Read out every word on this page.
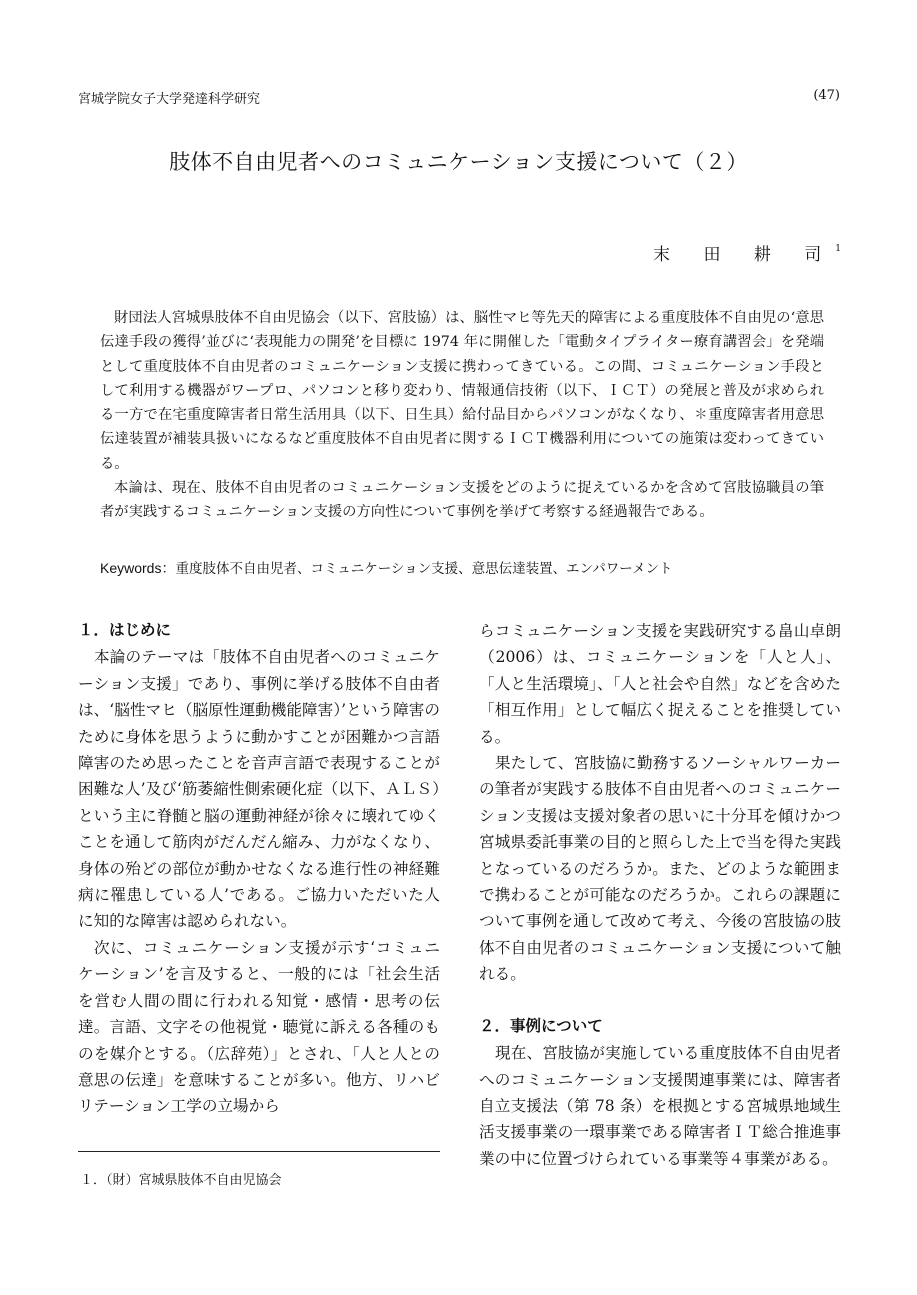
宮城学院女子大学発達科学研究	(47)
肢体不自由児者へのコミュニケーション支援について（２）
末 田 耕 司$^1$

財団法人宮城県肢体不自由児協会（以下、宮肢協）は、脳性マヒ等先天的障害による重度肢体不自由児の‘意思伝達手段の獲得’並びに‘表現能力の開発’を目標に 1974 年に開催した「電動タイプライター療育講習会」を発端として重度肢体不自由児者のコミュニケーション支援に携わってきている。この間、コミュニケーション手段として利用する機器がワープロ、パソコンと移り変わり、情報通信技術（以下、ＩＣＴ）の発展と普及が求められる一方で在宅重度障害者日常生活用具（以下、日生具）給付品目からパソコンがなくなり、✽重度障害者用意思伝達装置が補装具扱いになるなど重度肢体不自由児者に関するＩＣＴ機器利用についての施策は変わってきている。

本論は、現在、肢体不自由児者のコミュニケーション支援をどのように捉えているかを含めて宮肢協職員の筆者が実践するコミュニケーション支援の方向性について事例を挙げて考察する経過報告である。

Keywords：重度肢体不自由児者、コミュニケーション支援、意思伝達装置、エンパワーメント

１．はじめに

本論のテーマは「肢体不自由児者へのコミュニケーション支援」であり、事例に挙げる肢体不自由者は、‘脳性マヒ（脳原性運動機能障害）’という障害のために身体を思うように動かすことが困難かつ言語障害のため思ったことを音声言語で表現することが困難な人’及び‘筋萎縮性側索硬化症（以下、ＡＬＳ）という主に脊髄と脳の運動神経が徐々に壊れてゆくことを通して筋肉がだんだん縮み、力がなくなり、身体の殆どの部位が動かせなくなる進行性の神経難病に罹患している人’である。ご協力いただいた人に知的な障害は認められない。

次に、コミュニケーション支援が示す‘コミュニケーション’を言及すると、一般的には「社会生活を営む人間の間に行われる知覚・感情・思考の伝達。言語、文字その他視覚・聴覚に訴える各種のものを媒介とする。（広辞苑）」とされ、「人と人との意思の伝達」を意味することが多い。他方、リハビリテーション工学の立場から

らコミュニケーション支援を実践研究する畠山卓朗（2006）は、コミュニケーションを「人と人」、「人と生活環境」、「人と社会や自然」などを含めた「相互作用」として幅広く捉えることを推奨している。

果たして、宮肢協に勤務するソーシャルワーカーの筆者が実践する肢体不自由児者へのコミュニケーション支援は支援対象者の思いに十分耳を傾けかつ宮城県委託事業の目的と照らした上で当を得た実践となっているのだろうか。また、どのような範囲まで携わることが可能なのだろうか。これらの課題について事例を通して改めて考え、今後の宮肢協の肢体不自由児者のコミュニケーション支援について触れる。

２．事例について

現在、宮肢協が実施している重度肢体不自由児者へのコミュニケーション支援関連事業には、障害者自立支援法（第 78 条）を根拠とする宮城県地域生活支援事業の一環事業である障害者ＩＴ総合推進事業の中に位置づけられている事業等４事業がある。

１．（財）宮城県肢体不自由児協会
